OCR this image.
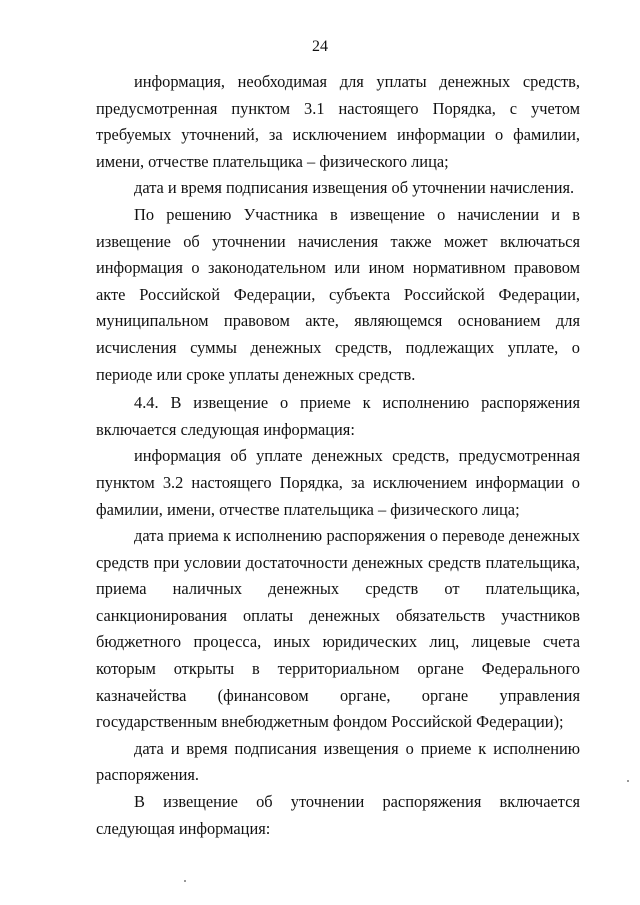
24

информация, необходимая для уплаты денежных средств, предусмотренная пунктом 3.1 настоящего Порядка, с учетом требуемых уточнений, за исключением информации о фамилии, имени, отчестве плательщика – физического лица;

дата и время подписания извещения об уточнении начисления.

По решению Участника в извещение о начислении и в извещение об уточнении начисления также может включаться информация о законодательном или ином нормативном правовом акте Российской Федерации, субъекта Российской Федерации, муниципальном правовом акте, являющемся основанием для исчисления суммы денежных средств, подлежащих уплате, о периоде или сроке уплаты денежных средств.

4.4. В извещение о приеме к исполнению распоряжения включается следующая информация:

информация об уплате денежных средств, предусмотренная пунктом 3.2 настоящего Порядка, за исключением информации о фамилии, имени, отчестве плательщика – физического лица;

дата приема к исполнению распоряжения о переводе денежных средств при условии достаточности денежных средств плательщика, приема наличных денежных средств от плательщика, санкционирования оплаты денежных обязательств участников бюджетного процесса, иных юридических лиц, лицевые счета которым открыты в территориальном органе Федерального казначейства (финансовом органе, органе управления государственным внебюджетным фондом Российской Федерации);

дата и время подписания извещения о приеме к исполнению распоряжения.

В извещение об уточнении распоряжения включается следующая информация:
